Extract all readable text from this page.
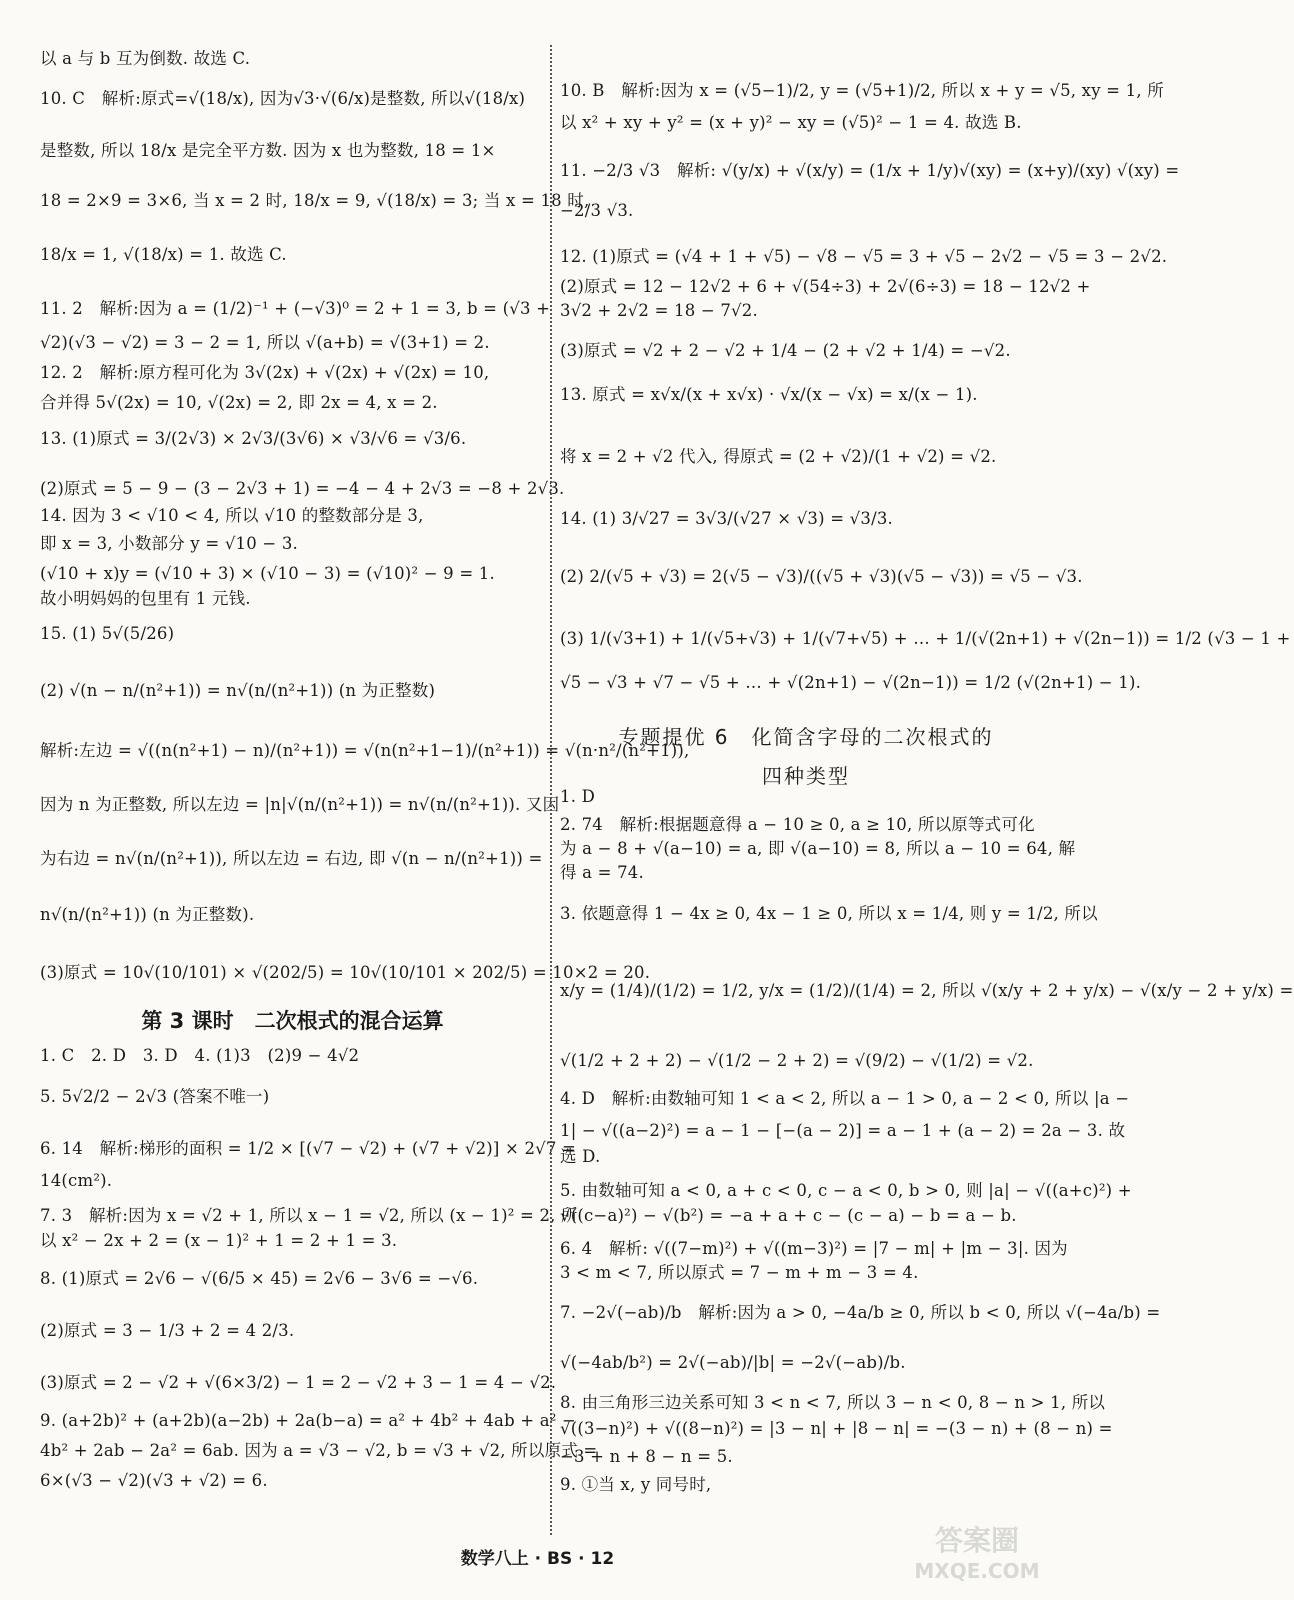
以 a 与 b 互为倒数. 故选 C.
10. C　解析:原式=√(18/x), 因为√3·√(6/x)是整数, 所以√(18/x)
是整数, 所以 18/x 是完全平方数. 因为 x 也为整数, 18 = 1×
18 = 2×9 = 3×6, 当 x = 2 时, 18/x = 9, √(18/x) = 3; 当 x = 18 时,
18/x = 1, √(18/x) = 1. 故选 C.
11. 2　解析:因为 a = (1/2)⁻¹ + (−√3)⁰ = 2 + 1 = 3, b = (√3 +
√2)(√3 − √2) = 3 − 2 = 1, 所以 √(a+b) = √(3+1) = 2.
12. 2　解析:原方程可化为 3√(2x) + √(2x) + √(2x) = 10,
合并得 5√(2x) = 10, √(2x) = 2, 即 2x = 4, x = 2.
13. (1)原式 = 3/(2√3) × 2√3/(3√6) × √3/√6 = √3/6.
(2)原式 = 5 − 9 − (3 − 2√3 + 1) = −4 − 4 + 2√3 = −8 + 2√3.
14. 因为 3 < √10 < 4, 所以 √10 的整数部分是 3,
即 x = 3, 小数部分 y = √10 − 3.
(√10 + x)y = (√10 + 3) × (√10 − 3) = (√10)² − 9 = 1.
故小明妈妈的包里有 1 元钱.
15. (1) 5√(5/26)
(2) √(n − n/(n²+1)) = n√(n/(n²+1)) (n 为正整数)
解析:左边 = √((n(n²+1) − n)/(n²+1)) = √(n(n²+1−1)/(n²+1)) = √(n·n²/(n²+1)),
因为 n 为正整数, 所以左边 = |n|√(n/(n²+1)) = n√(n/(n²+1)). 又因
为右边 = n√(n/(n²+1)), 所以左边 = 右边, 即 √(n − n/(n²+1)) =
n√(n/(n²+1)) (n 为正整数).
(3)原式 = 10√(10/101) × √(202/5) = 10√(10/101 × 202/5) = 10×2 = 20.
第 3 课时　二次根式的混合运算
1. C　2. D　3. D　4. (1)3　(2)9 − 4√2
5. 5√2/2 − 2√3 (答案不唯一)
6. 14　解析:梯形的面积 = 1/2 × [(√7 − √2) + (√7 + √2)] × 2√7 =
14(cm²).
7. 3　解析:因为 x = √2 + 1, 所以 x − 1 = √2, 所以 (x − 1)² = 2, 所
以 x² − 2x + 2 = (x − 1)² + 1 = 2 + 1 = 3.
8. (1)原式 = 2√6 − √(6/5 × 45) = 2√6 − 3√6 = −√6.
(2)原式 = 3 − 1/3 + 2 = 4 2/3.
(3)原式 = 2 − √2 + √(6×3/2) − 1 = 2 − √2 + 3 − 1 = 4 − √2.
9. (a+2b)² + (a+2b)(a−2b) + 2a(b−a) = a² + 4b² + 4ab + a² −
4b² + 2ab − 2a² = 6ab. 因为 a = √3 − √2, b = √3 + √2, 所以原式 =
6×(√3 − √2)(√3 + √2) = 6.
10. B　解析:因为 x = (√5−1)/2, y = (√5+1)/2, 所以 x + y = √5, xy = 1, 所
以 x² + xy + y² = (x + y)² − xy = (√5)² − 1 = 4. 故选 B.
11. −2/3 √3　解析: √(y/x) + √(x/y) = (1/x + 1/y)√(xy) = (x+y)/(xy) √(xy) =
−2/3 √3.
12. (1)原式 = (√4 + 1 + √5) − √8 − √5 = 3 + √5 − 2√2 − √5 = 3 − 2√2.
(2)原式 = 12 − 12√2 + 6 + √(54÷3) + 2√(6÷3) = 18 − 12√2 +
3√2 + 2√2 = 18 − 7√2.
(3)原式 = √2 + 2 − √2 + 1/4 − (2 + √2 + 1/4) = −√2.
13. 原式 = x√x/(x + x√x) · √x/(x − √x) = x/(x − 1).
将 x = 2 + √2 代入, 得原式 = (2 + √2)/(1 + √2) = √2.
14. (1) 3/√27 = 3√3/(√27 × √3) = √3/3.
(2) 2/(√5 + √3) = 2(√5 − √3)/((√5 + √3)(√5 − √3)) = √5 − √3.
(3) 1/(√3+1) + 1/(√5+√3) + 1/(√7+√5) + … + 1/(√(2n+1) + √(2n−1)) = 1/2 (√3 − 1 +
√5 − √3 + √7 − √5 + … + √(2n+1) − √(2n−1)) = 1/2 (√(2n+1) − 1).
专题提优 6　化简含字母的二次根式的
四种类型
1. D
2. 74　解析:根据题意得 a − 10 ≥ 0, a ≥ 10, 所以原等式可化
为 a − 8 + √(a−10) = a, 即 √(a−10) = 8, 所以 a − 10 = 64, 解
得 a = 74.
3. 依题意得 1 − 4x ≥ 0, 4x − 1 ≥ 0, 所以 x = 1/4, 则 y = 1/2, 所以
x/y = (1/4)/(1/2) = 1/2, y/x = (1/2)/(1/4) = 2, 所以 √(x/y + 2 + y/x) − √(x/y − 2 + y/x) =
√(1/2 + 2 + 2) − √(1/2 − 2 + 2) = √(9/2) − √(1/2) = √2.
4. D　解析:由数轴可知 1 < a < 2, 所以 a − 1 > 0, a − 2 < 0, 所以 |a −
1| − √((a−2)²) = a − 1 − [−(a − 2)] = a − 1 + (a − 2) = 2a − 3. 故
选 D.
5. 由数轴可知 a < 0, a + c < 0, c − a < 0, b > 0, 则 |a| − √((a+c)²) +
√((c−a)²) − √(b²) = −a + a + c − (c − a) − b = a − b.
6. 4　解析: √((7−m)²) + √((m−3)²) = |7 − m| + |m − 3|. 因为
3 < m < 7, 所以原式 = 7 − m + m − 3 = 4.
7. −2√(−ab)/b　解析:因为 a > 0, −4a/b ≥ 0, 所以 b < 0, 所以 √(−4a/b) =
√(−4ab/b²) = 2√(−ab)/|b| = −2√(−ab)/b.
8. 由三角形三边关系可知 3 < n < 7, 所以 3 − n < 0, 8 − n > 1, 所以
√((3−n)²) + √((8−n)²) = |3 − n| + |8 − n| = −(3 − n) + (8 − n) =
−3 + n + 8 − n = 5.
9. ①当 x, y 同号时,
数学八上 · BS · 12
答案圈
MXQE.COM
